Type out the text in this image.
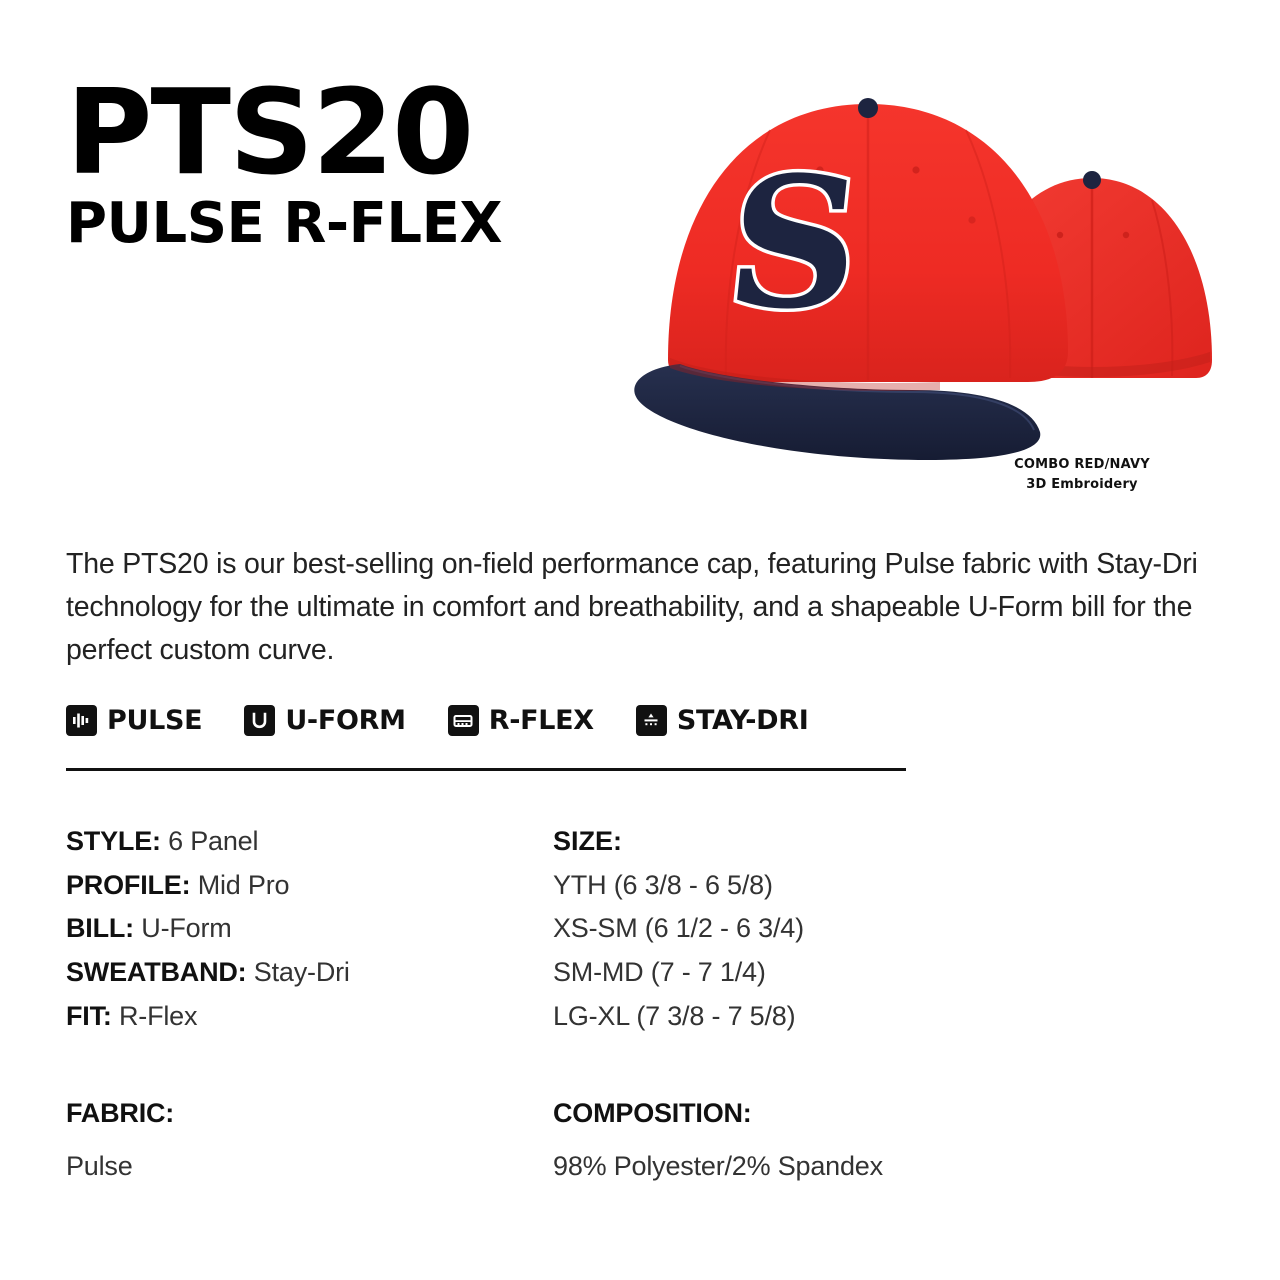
PTS20
PULSE R-FLEX	S
COMBO RED/NAVY
3D Embroidery
The PTS20 is our best-selling on-field performance cap, featuring Pulse fabric with Stay-Dri technology for the ultimate in comfort and breathability, and a shapeable U-Form bill for the perfect custom curve.
PULSE	U-FORM	R-FLEX	STAY-DRI
STYLE: 6 Panel
PROFILE: Mid Pro
BILL: U-Form
SWEATBAND: Stay-Dri
FIT: R-Flex
SIZE:
YTH (6 3/8 - 6 5/8)
XS-SM (6 1/2 - 6 3/4)
SM-MD (7 - 7 1/4)
LG-XL (7 3/8 - 7 5/8)
FABRIC:
Pulse
COMPOSITION:
98% Polyester/2% Spandex
